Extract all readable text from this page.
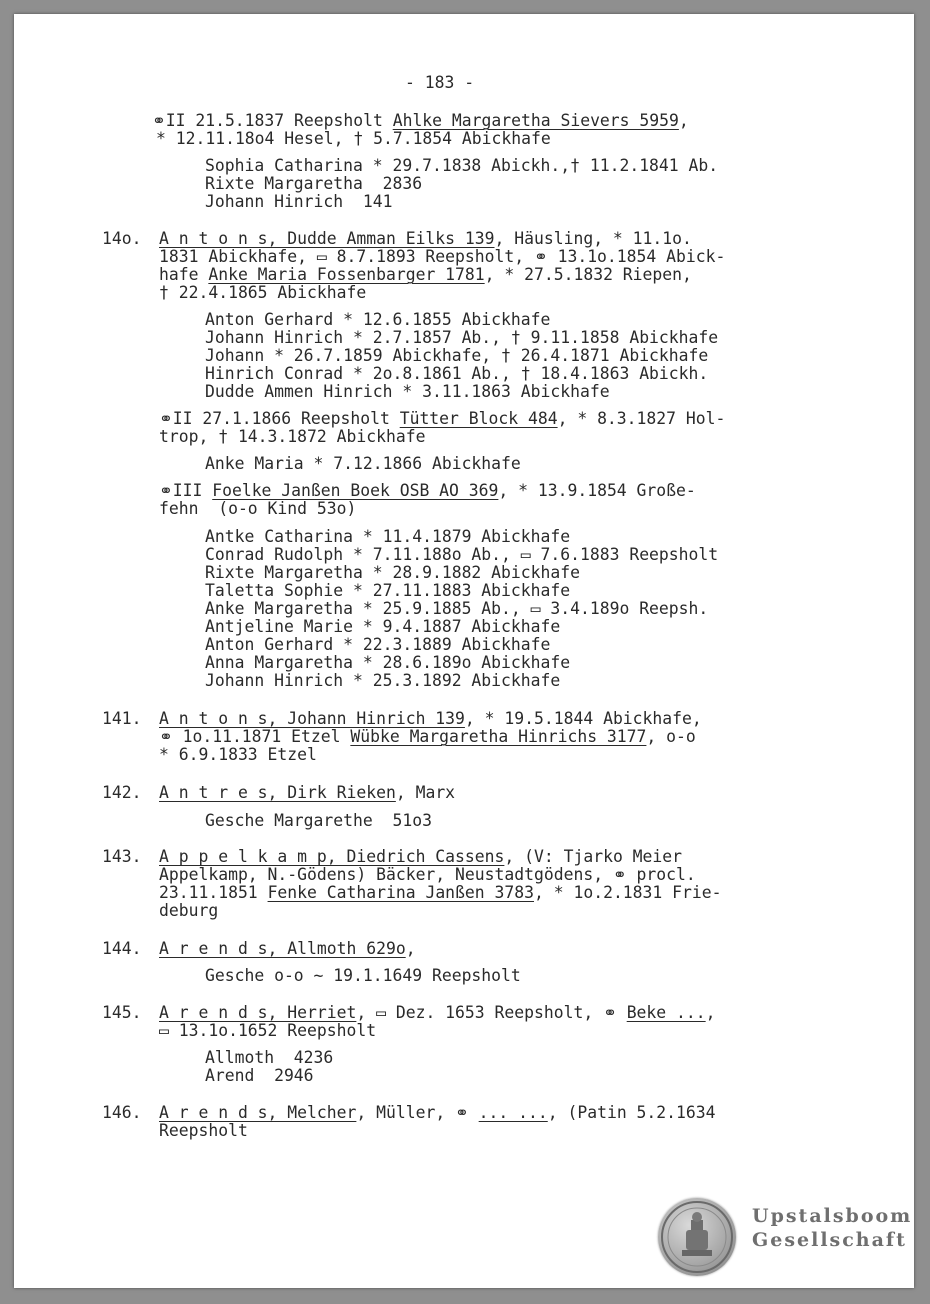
- 183 -
⚭II 21.5.1837 Reepsholt Ahlke Margaretha Sievers 5959,
* 12.11.18o4 Hesel, † 5.7.1854 Abickhafe
Sophia Catharina * 29.7.1838 Abickh.,† 11.2.1841 Ab.
Rixte Margaretha  2836
Johann Hinrich  141
14o. A n t o n s, Dudde Amman Eilks 139, Häusling, * 11.1o.
1831 Abickhafe, ▭ 8.7.1893 Reepsholt, ⚭ 13.1o.1854 Abick-
hafe Anke Maria Fossenbarger 1781, * 27.5.1832 Riepen,
† 22.4.1865 Abickhafe
Anton Gerhard * 12.6.1855 Abickhafe
Johann Hinrich * 2.7.1857 Ab., † 9.11.1858 Abickhafe
Johann * 26.7.1859 Abickhafe, † 26.4.1871 Abickhafe
Hinrich Conrad * 2o.8.1861 Ab., † 18.4.1863 Abickh.
Dudde Ammen Hinrich * 3.11.1863 Abickhafe
⚭II 27.1.1866 Reepsholt Tütter Block 484, * 8.3.1827 Hol-
trop, † 14.3.1872 Abickhafe
Anke Maria * 7.12.1866 Abickhafe
⚭III Foelke Janßen Boek OSB AO 369, * 13.9.1854 Große-
fehn  (o-o Kind 53o)
Antke Catharina * 11.4.1879 Abickhafe
Conrad Rudolph * 7.11.188o Ab., ▭ 7.6.1883 Reepsholt
Rixte Margaretha * 28.9.1882 Abickhafe
Taletta Sophie * 27.11.1883 Abickhafe
Anke Margaretha * 25.9.1885 Ab., ▭ 3.4.189o Reepsh.
Antjeline Marie * 9.4.1887 Abickhafe
Anton Gerhard * 22.3.1889 Abickhafe
Anna Margaretha * 28.6.189o Abickhafe
Johann Hinrich * 25.3.1892 Abickhafe
141. A n t o n s, Johann Hinrich 139, * 19.5.1844 Abickhafe,
⚭ 1o.11.1871 Etzel Wübke Margaretha Hinrichs 3177, o-o
* 6.9.1833 Etzel
142. A n t r e s, Dirk Rieken, Marx
Gesche Margarethe  51o3
143. A p p e l k a m p, Diedrich Cassens, (V: Tjarko Meier
Appelkamp, N.-Gödens) Bäcker, Neustadtgödens, ⚭ procl.
23.11.1851 Fenke Catharina Janßen 3783, * 1o.2.1831 Frie-
deburg
144. A r e n d s, Allmoth 629o,
Gesche o-o ~ 19.1.1649 Reepsholt
145. A r e n d s, Herriet, ▭ Dez. 1653 Reepsholt, ⚭ Beke ...,
▭ 13.1o.1652 Reepsholt
Allmoth  4236
Arend  2946
146. A r e n d s, Melcher, Müller, ⚭ ... ..., (Patin 5.2.1634
Reepsholt
Upstalsboom
Gesellschaft
